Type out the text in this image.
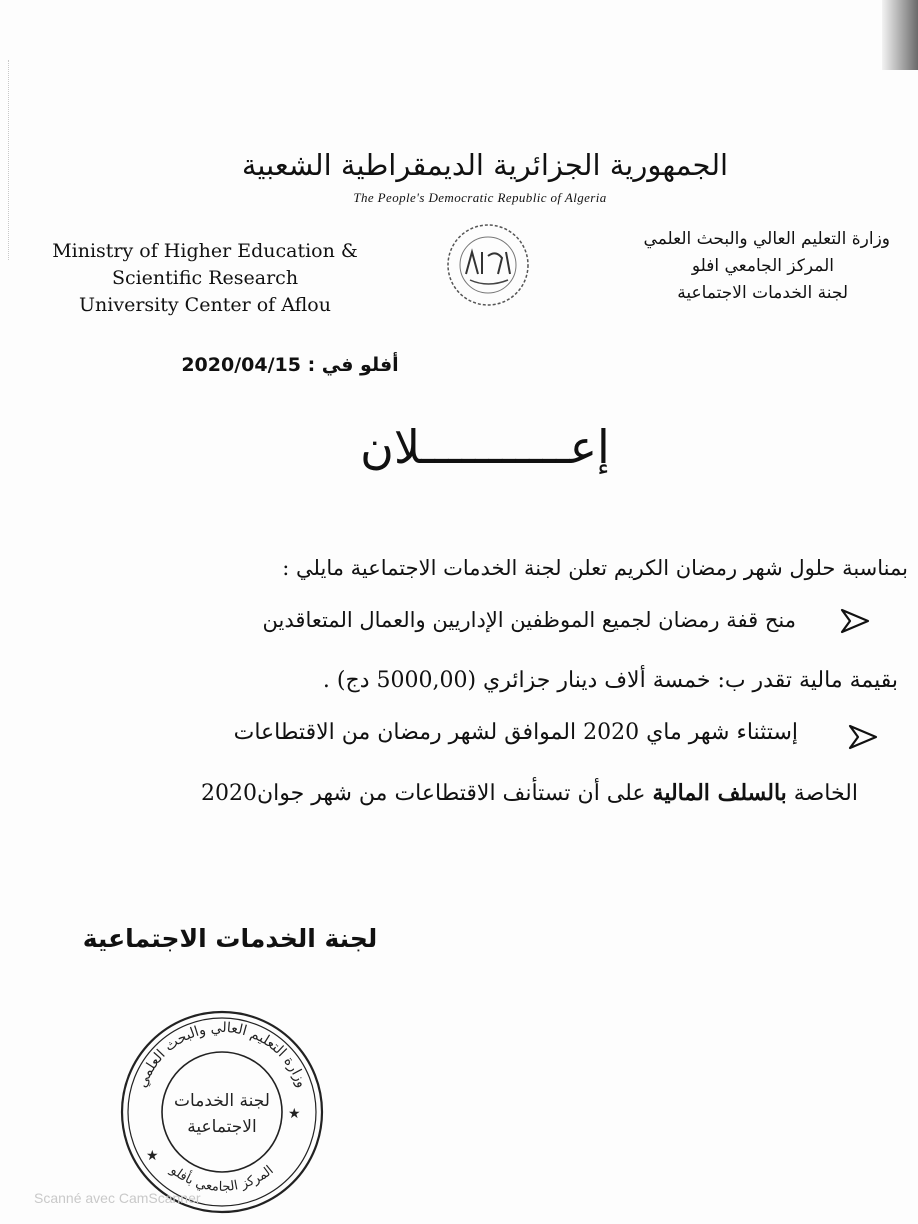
الجمهورية الجزائرية الديمقراطية الشعبية
The People's Democratic Republic of Algeria
Ministry of Higher Education &
Scientific Research
University Center of Aflou
وزارة التعليم العالي والبحث العلمي
المركز الجامعي افلو
لجنة الخدمات الاجتماعية
أفلو في : 2020/04/15
إعـــــــــــلان
بمناسبة حلول شهر رمضان الكريم تعلن لجنة الخدمات الاجتماعية مايلي :
منح قفة رمضان لجميع الموظفين الإداريين والعمال المتعاقدين
بقيمة مالية تقدر ب: خمسة ألاف دينار جزائري (5000,00 دج) .
إستثناء شهر ماي 2020 الموافق لشهر رمضان من الاقتطاعات
الخاصة بالسلف المالية على أن تستأنف الاقتطاعات من شهر جوان2020
لجنة الخدمات الاجتماعية
وزارة التعليم العالي والبحث العلمي
المركز الجامعي بأفلو
لجنة الخدمات
الاجتماعية
★
★
Scanné avec CamScanner
